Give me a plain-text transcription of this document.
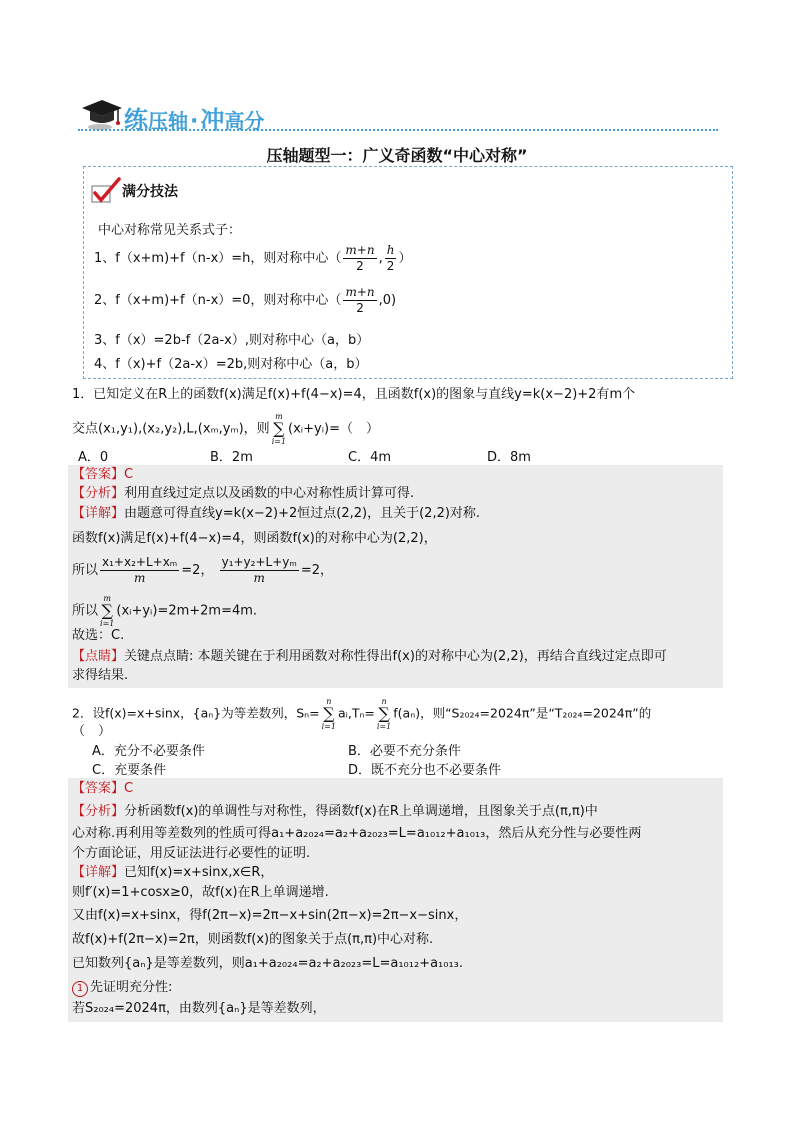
练压轴·冲高分
压轴题型一：广义奇函数“中心对称”
满分技法
中心对称常见关系式子：
1、f（x+m)+f（n-x）=h，则对称中心（ $\frac{m+n}{2}$ , $\frac{h}{2}$ ）
2、f（x+m)+f（n-x）=0，则对称中心（ $\frac{m+n}{2} ,0$)
3、f（x）=2b-f（2a-x）,则对称中心（a，b）
4、f（x)+f（2a-x）=2b,则对称中心（a，b）
1．已知定义在R上的函数f(x)满足f(x)+f(4−x)=4，且函数f(x)的图象与直线y=k(x−2)+2有m个
交点(x₁,y₁),(x₂,y₂),L,(xₘ,yₘ)，则
m
∑
i=1
(xᵢ+yᵢ)=（　）
A．0	B．2m	C．4m	D．8m
【答案】C
【分析】利用直线过定点以及函数的中心对称性质计算可得.
【详解】由题意可得直线y=k(x−2)+2恒过点(2,2)，且关于(2,2)对称.
函数f(x)满足f(x)+f(4−x)=4，则函数f(x)的对称中心为(2,2)，
所以 $\frac{\text{x₁+x₂+L+xₘ}}{m} =2$， $\frac{\text{y₁+y₂+L+yₘ}}{m} =2$，
所以
m
∑
i=1
(xᵢ+yᵢ)=2m+2m=4m.
故选：C.
【点睛】关键点点睛: 本题关键在于利用函数对称性得出f(x)的对称中心为(2,2)，再结合直线过定点即可
求得结果.
2．设f(x)=x+sinx，{aₙ}为等差数列，Sₙ=
n
∑
i=1
aᵢ,Tₙ=
n
∑
i=1
f(aₙ)，则“S₂₀₂₄=2024π”是“T₂₀₂₄=2024π”的
（　）
A．充分不必要条件	B．必要不充分条件
C．充要条件	D．既不充分也不必要条件
【答案】C
【分析】分析函数f(x)的单调性与对称性，得函数f(x)在R上单调递增，且图象关于点(π,π)中
心对称.再利用等差数列的性质可得a₁+a₂₀₂₄=a₂+a₂₀₂₃=L=a₁₀₁₂+a₁₀₁₃，然后从充分性与必要性两
个方面论证，用反证法进行必要性的证明.
【详解】已知f(x)=x+sinx,x∈R，
则f′(x)=1+cosx≥0，故f(x)在R上单调递增.
又由f(x)=x+sinx，得f(2π−x)=2π−x+sin(2π−x)=2π−x−sinx，
故f(x)+f(2π−x)=2π，则函数f(x)的图象关于点(π,π)中心对称.
已知数列{aₙ}是等差数列，则a₁+a₂₀₂₄=a₂+a₂₀₂₃=L=a₁₀₁₂+a₁₀₁₃.
1 先证明充分性:
若S₂₀₂₄=2024π，由数列{aₙ}是等差数列，
